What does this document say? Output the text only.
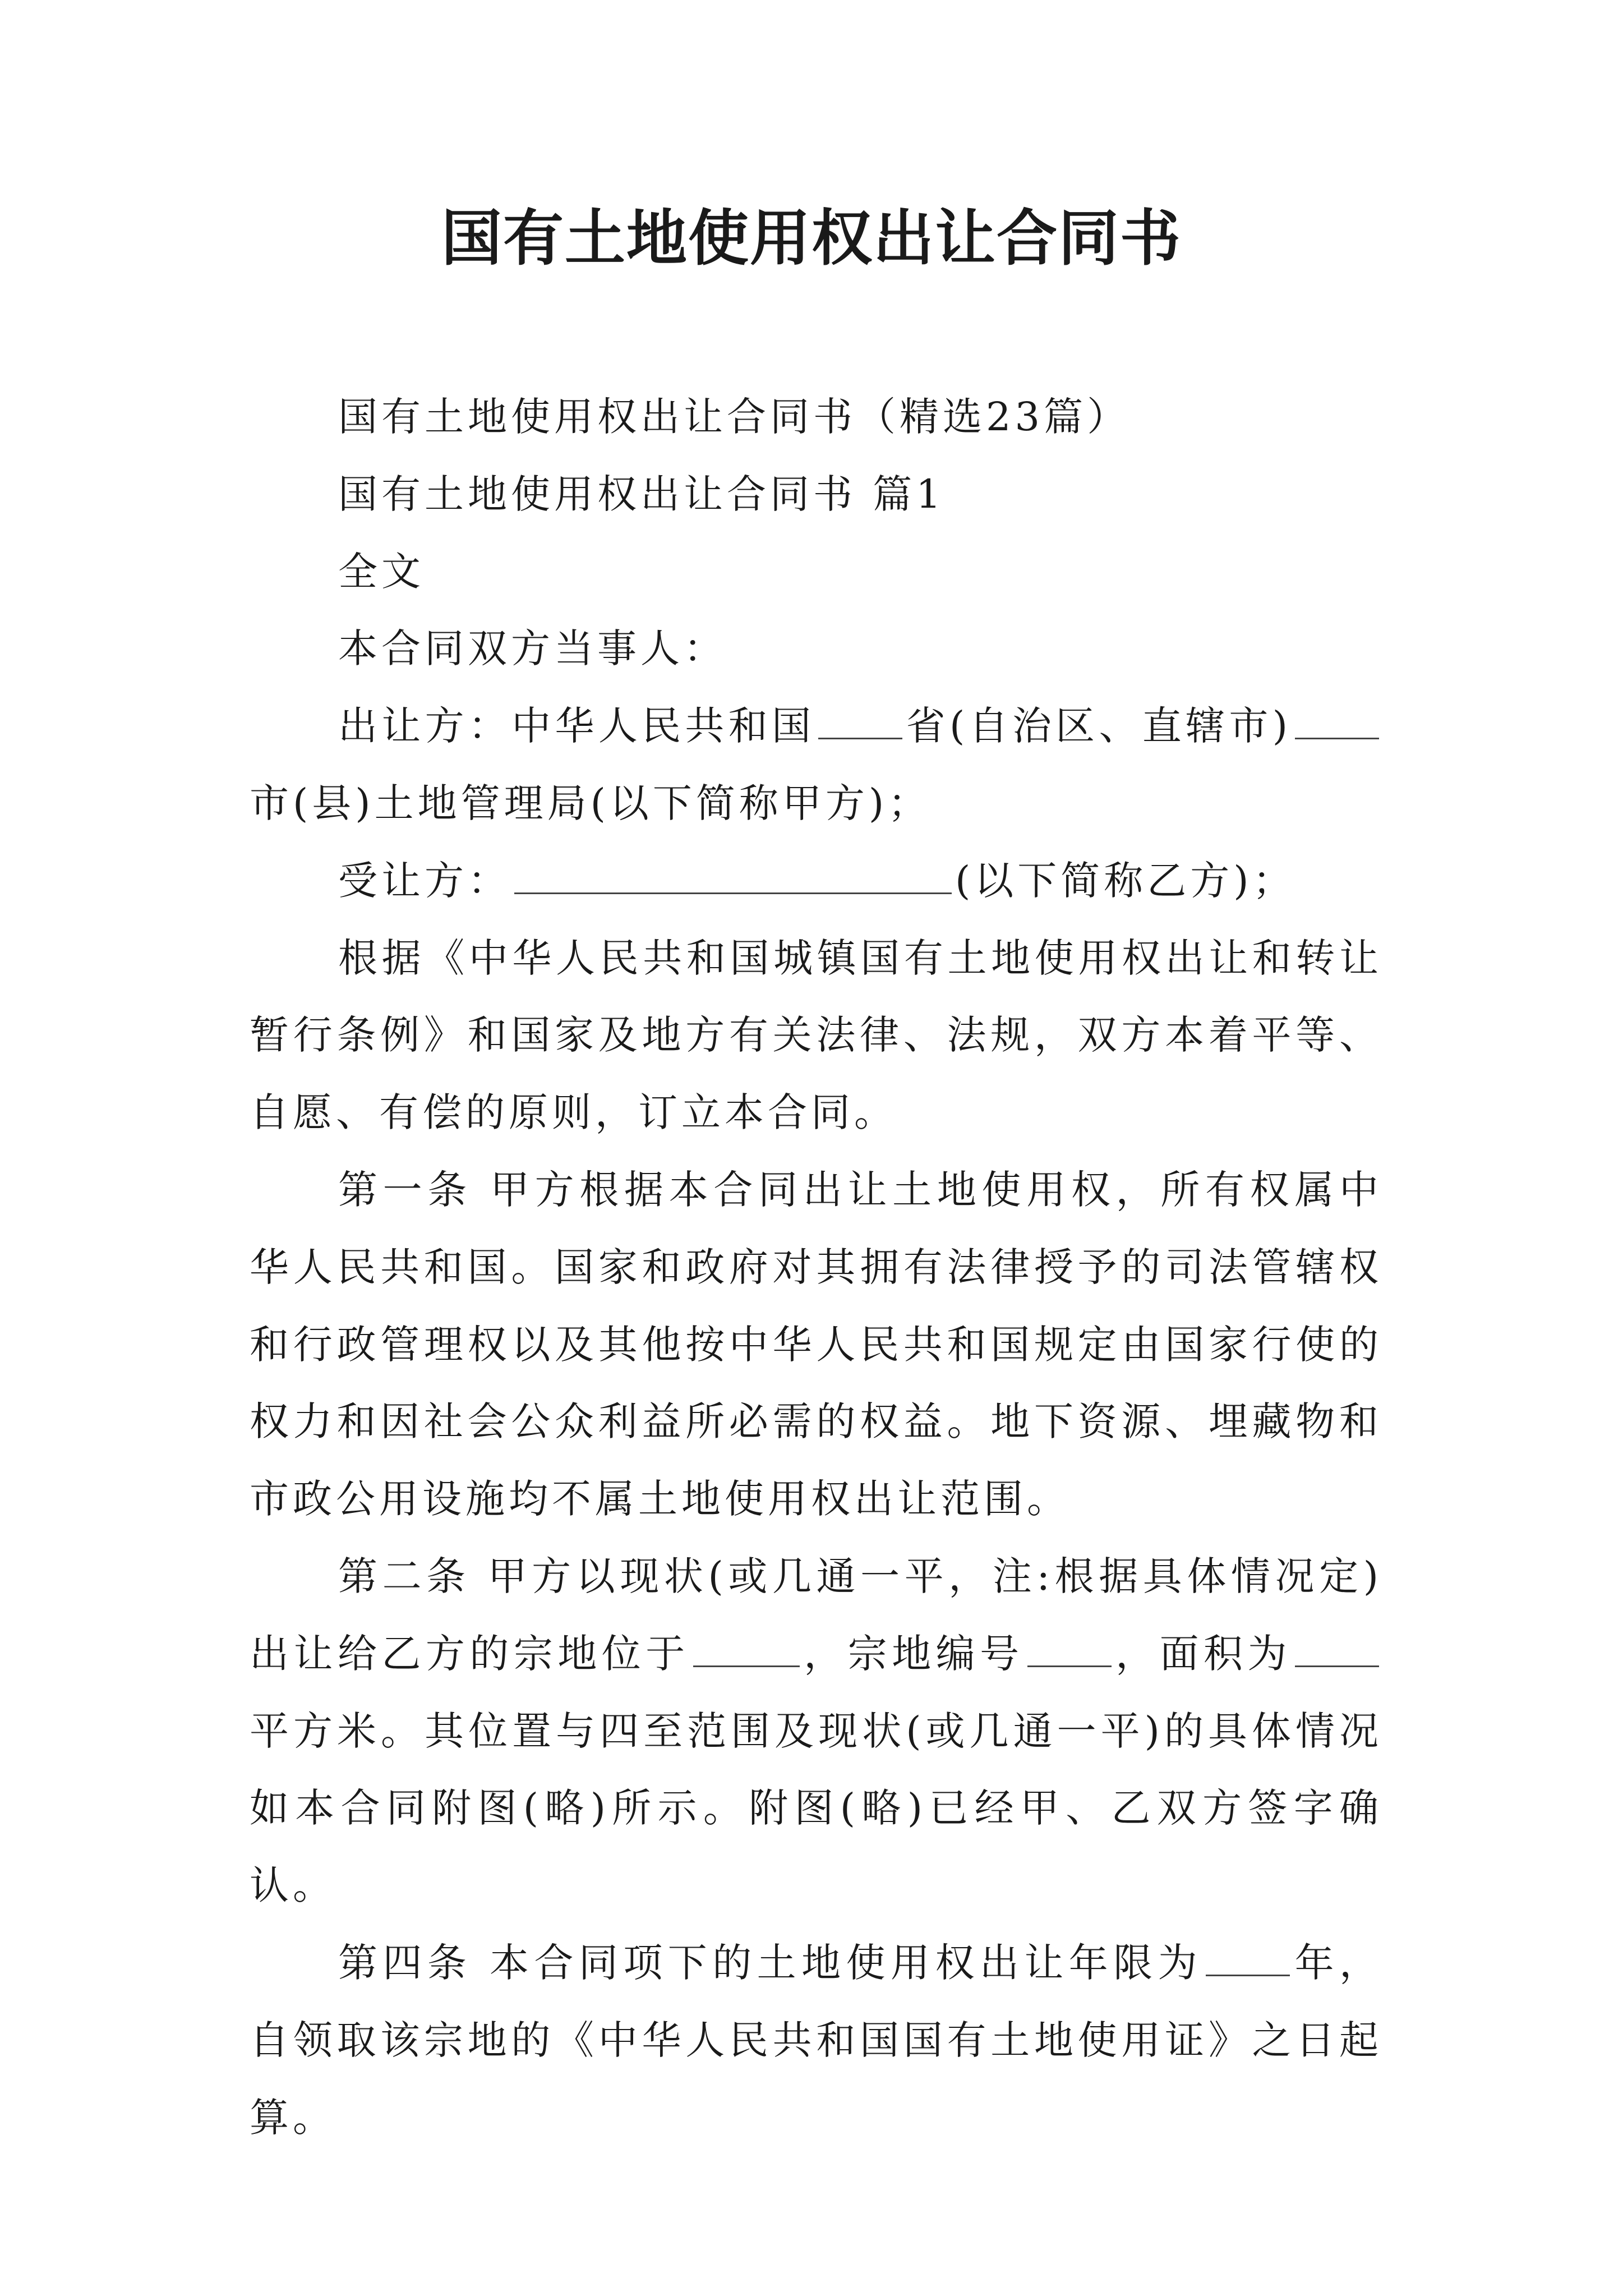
国有土地使用权出让合同书

国有土地使用权出让合同书（精选23篇）

国有土地使用权出让合同书 篇1

全文

本合同双方当事人：

出让方：中华人民共和国 省(自治区、直辖市)市(县)土地管理局(以下简称甲方)；

受让方：	(以下简称乙方)；

根据《中华人民共和国城镇国有土地使用权出让和转让暂行条例》和国家及地方有关法律、法规，双方本着平等、自愿、有偿的原则，订立本合同。

第一条 甲方根据本合同出让土地使用权，所有权属中华人民共和国。国家和政府对其拥有法律授予的司法管辖权和行政管理权以及其他按中华人民共和国规定由国家行使的权力和因社会公众利益所必需的权益。地下资源、埋藏物和市政公用设施均不属土地使用权出让范围。

第二条 甲方以现状(或几通一平，注:根据具体情况定)出让给乙方的宗地位于	，宗地编号 ，面积为平方米。其位置与四至范围及现状(或几通一平)的具体情况如本合同附图(略)所示。附图(略)已经甲、乙双方签字确认。

第四条 本合同项下的土地使用权出让年限为 年，自领取该宗地的《中华人民共和国国有土地使用证》之日起算。
